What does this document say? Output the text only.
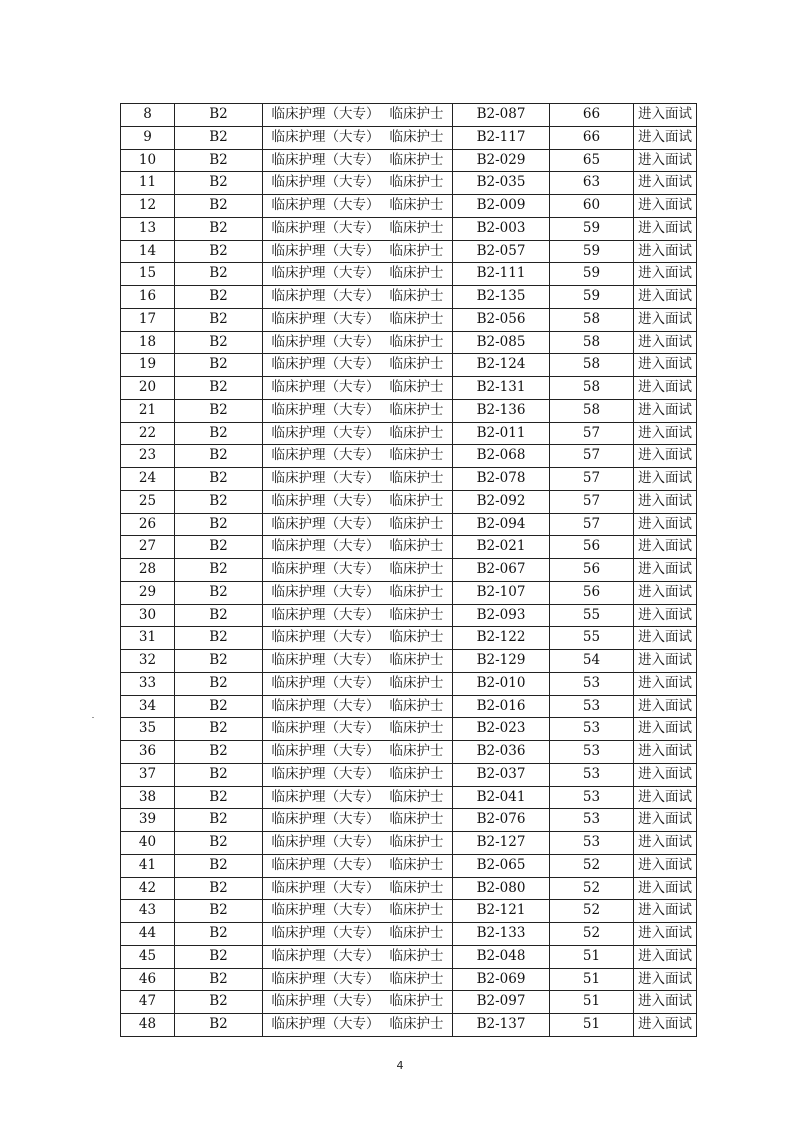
8	B2	临床护理（大专） 临床护士	B2-087	66	进入面试
9	B2	临床护理（大专） 临床护士	B2-117	66	进入面试
10	B2	临床护理（大专） 临床护士	B2-029	65	进入面试
11	B2	临床护理（大专） 临床护士	B2-035	63	进入面试
12	B2	临床护理（大专） 临床护士	B2-009	60	进入面试
13	B2	临床护理（大专） 临床护士	B2-003	59	进入面试
14	B2	临床护理（大专） 临床护士	B2-057	59	进入面试
15	B2	临床护理（大专） 临床护士	B2-111	59	进入面试
16	B2	临床护理（大专） 临床护士	B2-135	59	进入面试
17	B2	临床护理（大专） 临床护士	B2-056	58	进入面试
18	B2	临床护理（大专） 临床护士	B2-085	58	进入面试
19	B2	临床护理（大专） 临床护士	B2-124	58	进入面试
20	B2	临床护理（大专） 临床护士	B2-131	58	进入面试
21	B2	临床护理（大专） 临床护士	B2-136	58	进入面试
22	B2	临床护理（大专） 临床护士	B2-011	57	进入面试
23	B2	临床护理（大专） 临床护士	B2-068	57	进入面试
24	B2	临床护理（大专） 临床护士	B2-078	57	进入面试
25	B2	临床护理（大专） 临床护士	B2-092	57	进入面试
26	B2	临床护理（大专） 临床护士	B2-094	57	进入面试
27	B2	临床护理（大专） 临床护士	B2-021	56	进入面试
28	B2	临床护理（大专） 临床护士	B2-067	56	进入面试
29	B2	临床护理（大专） 临床护士	B2-107	56	进入面试
30	B2	临床护理（大专） 临床护士	B2-093	55	进入面试
31	B2	临床护理（大专） 临床护士	B2-122	55	进入面试
32	B2	临床护理（大专） 临床护士	B2-129	54	进入面试
33	B2	临床护理（大专） 临床护士	B2-010	53	进入面试
34	B2	临床护理（大专） 临床护士	B2-016	53	进入面试
35	B2	临床护理（大专） 临床护士	B2-023	53	进入面试
36	B2	临床护理（大专） 临床护士	B2-036	53	进入面试
37	B2	临床护理（大专） 临床护士	B2-037	53	进入面试
38	B2	临床护理（大专） 临床护士	B2-041	53	进入面试
39	B2	临床护理（大专） 临床护士	B2-076	53	进入面试
40	B2	临床护理（大专） 临床护士	B2-127	53	进入面试
41	B2	临床护理（大专） 临床护士	B2-065	52	进入面试
42	B2	临床护理（大专） 临床护士	B2-080	52	进入面试
43	B2	临床护理（大专） 临床护士	B2-121	52	进入面试
44	B2	临床护理（大专） 临床护士	B2-133	52	进入面试
45	B2	临床护理（大专） 临床护士	B2-048	51	进入面试
46	B2	临床护理（大专） 临床护士	B2-069	51	进入面试
47	B2	临床护理（大专） 临床护士	B2-097	51	进入面试
48	B2	临床护理（大专） 临床护士	B2-137	51	进入面试
4
